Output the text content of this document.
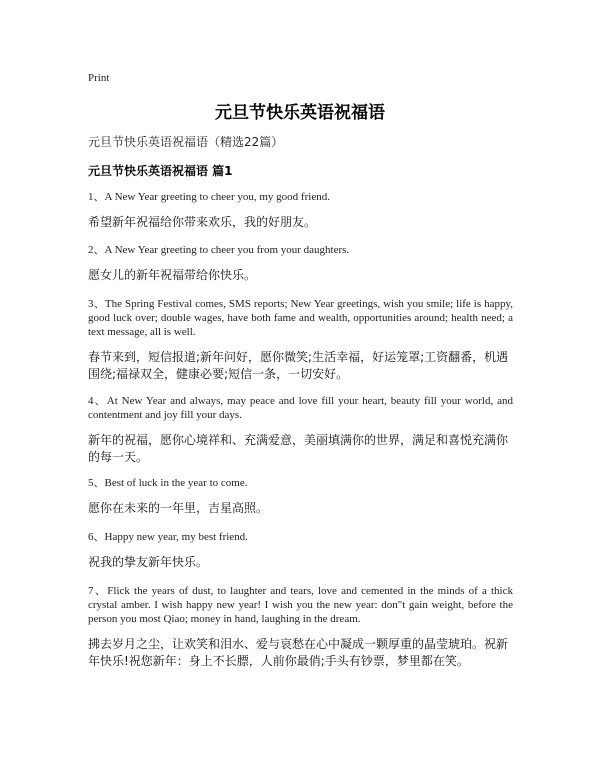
Print
元旦节快乐英语祝福语
元旦节快乐英语祝福语（精选22篇）
元旦节快乐英语祝福语 篇1
1、A New Year greeting to cheer you, my good friend.
希望新年祝福给你带来欢乐，我的好朋友。
2、A New Year greeting to cheer you from your daughters.
愿女儿的新年祝福带给你快乐。
3、The Spring Festival comes, SMS reports; New Year greetings, wish you smile; life is happy, good luck over; double wages, have both fame and wealth, opportunities around; health need; a text message, all is well.
春节来到，短信报道;新年问好，愿你微笑;生活幸福，好运笼罩;工资翻番，机遇围绕;福禄双全，健康必要;短信一条，一切安好。
4、At New Year and always, may peace and love fill your heart, beauty fill your world, and contentment and joy fill your days.
新年的祝福，愿你心境祥和、充满爱意，美丽填满你的世界，满足和喜悦充满你的每一天。
5、Best of luck in the year to come.
愿你在未来的一年里，吉星高照。
6、Happy new year, my best friend.
祝我的挚友新年快乐。
7、Flick the years of dust, to laughter and tears, love and cemented in the minds of a thick crystal amber. I wish happy new year! I wish you the new year: don"t gain weight, before the person you most Qiao; money in hand, laughing in the dream.
拂去岁月之尘，让欢笑和泪水、爱与哀愁在心中凝成一颗厚重的晶莹琥珀。祝新年快乐!祝您新年：身上不长膘，人前你最俏;手头有钞票，梦里都在笑。
